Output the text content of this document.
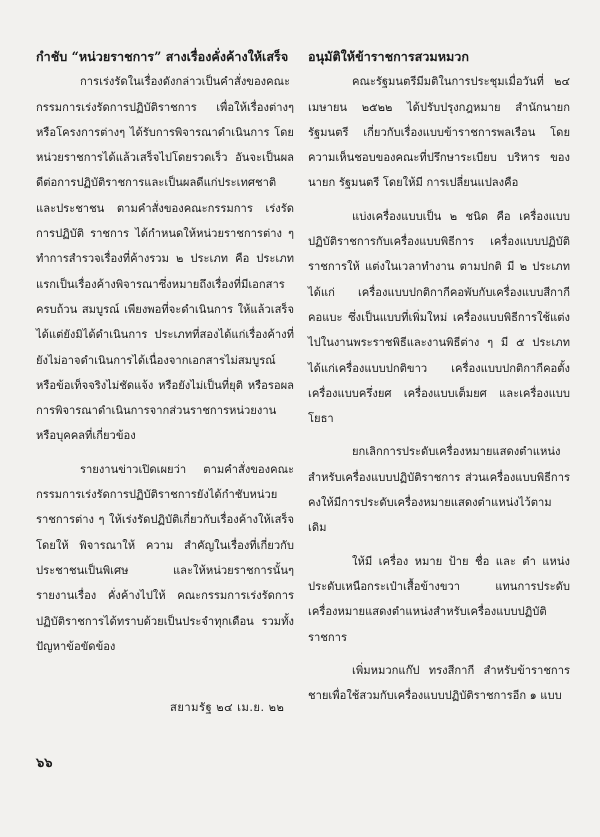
กำชับ “หน่วยราชการ” สางเรื่องคั่งค้างให้เสร็จ

การเร่งรัดในเรื่องดังกล่าวเป็นคำสั่งของคณะกรรมการเร่งรัดการปฏิบัติราชการ เพื่อให้เรื่องต่างๆ หรือโครงการต่างๆ ได้รับการพิจารณาดำเนินการ โดยหน่วยราชการได้แล้วเสร็จไปโดยรวดเร็ว อันจะเป็นผลดีต่อการปฏิบัติราชการและเป็นผลดีแก่ประเทศชาติและประชาชน ตามคำสั่งของคณะกรรมการ เร่งรัดการปฏิบัติ ราชการ ได้กำหนดให้หน่วยราชการต่าง ๆ ทำการสำรวจเรื่องที่ค้างรวม ๒ ประเภท คือ ประเภทแรกเป็นเรื่องค้างพิจารณาซึ่งหมายถึงเรื่องที่มีเอกสาร ครบถ้วน สมบูรณ์ เพียงพอที่จะดำเนินการ ให้แล้วเสร็จได้แต่ยังมิได้ดำเนินการ ประเภทที่สองได้แก่เรื่องค้างที่ยังไม่อาจดำเนินการได้เนื่องจากเอกสารไม่สมบูรณ์ หรือข้อเท็จจริงไม่ชัดแจ้ง หรือยังไม่เป็นที่ยุติ หรือรอผลการพิจารณาดำเนินการจากส่วนราชการหน่วยงานหรือบุคคลที่เกี่ยวข้อง

รายงานข่าวเปิดเผยว่า ตามคำสั่งของคณะกรรมการเร่งรัดการปฏิบัติราชการยังได้กำชับหน่วยราชการต่าง ๆ ให้เร่งรัดปฏิบัติเกี่ยวกับเรื่องค้างให้เสร็จโดยให้ พิจารณาให้ ความ สำคัญในเรื่องที่เกี่ยวกับประชาชนเป็นพิเศษ และให้หน่วยราชการนั้นๆ รายงานเรื่อง คั่งค้างไปให้ คณะกรรมการเร่งรัดการปฏิบัติราชการได้ทราบด้วยเป็นประจำทุกเดือน รวมทั้งปัญหาข้อขัดข้อง

สยามรัฐ ๒๔ เม.ย. ๒๒
๖๖
อนุมัติให้ข้าราชการสวมหมวก

คณะรัฐมนตรีมีมติในการประชุมเมื่อวันที่ ๒๔ เมษายน ๒๕๒๒ ได้ปรับปรุงกฎหมาย สำนักนายกรัฐมนตรี เกี่ยวกับเรื่องแบบข้าราชการพลเรือน โดยความเห็นชอบของคณะที่ปรึกษาระเบียบ บริหาร ของ นายก รัฐมนตรี โดยให้มี การเปลี่ยนแปลงคือ

แบ่งเครื่องแบบเป็น ๒ ชนิด คือ เครื่องแบบปฏิบัติราชการกับเครื่องแบบพิธีการ เครื่องแบบปฏิบัติ ราชการให้ แต่งในเวลาทำงาน ตามปกติ มี ๒ ประเภท ได้แก่ เครื่องแบบปกติกากีคอพับกับเครื่องแบบสีกากีคอแบะ ซึ่งเป็นแบบที่เพิ่มใหม่ เครื่องแบบพิธีการใช้แต่งไปในงานพระราชพิธีและงานพิธีต่าง ๆ มี ๕ ประเภท ได้แก่เครื่องแบบปกติขาว เครื่องแบบปกติกากีคอตั้ง เครื่องแบบครึ่งยศ เครื่องแบบเต็มยศ และเครื่องแบบโยธา

ยกเลิกการประดับเครื่องหมายแสดงตำแหน่งสำหรับเครื่องแบบปฏิบัติราชการ ส่วนเครื่องแบบพิธีการคงให้มีการประดับเครื่องหมายแสดงตำแหน่งไว้ตามเดิม

ให้มี เครื่อง หมาย ป้าย ชื่อ และ ตำ แหน่ง ประดับเหนือกระเป๋าเสื้อข้างขวา แทนการประดับเครื่องหมายแสดงตำแหน่งสำหรับเครื่องแบบปฏิบัติราชการ

เพิ่มหมวกแก๊ป ทรงสีกากี สำหรับข้าราชการชายเพื่อใช้สวมกับเครื่องแบบปฏิบัติราชการอีก ๑ แบบ
